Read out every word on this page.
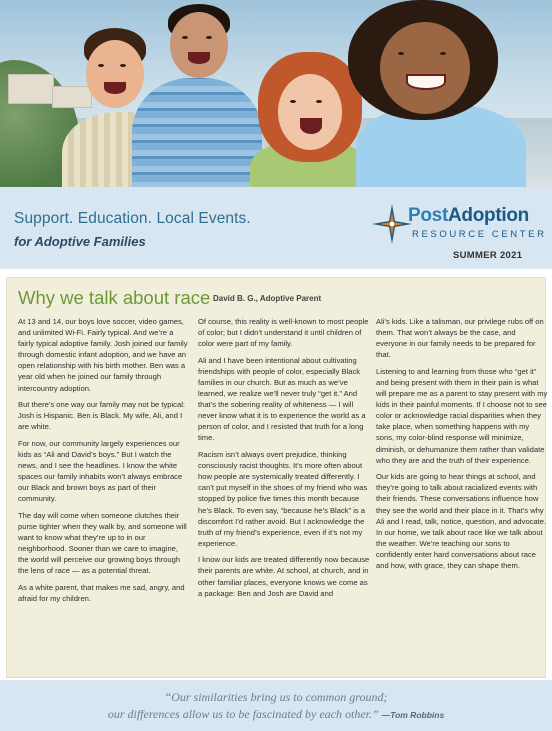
Support. Education. Local Events.
for Adoptive Families
PostAdoption
RESOURCE CENTER
SUMMER 2021
Why we talk about race David B. G., Adoptive Parent

At 13 and 14, our boys love soccer, video games, and unlimited Wi-Fi. Fairly typical. And we’re a fairly typical adoptive family. Josh joined our family through domestic infant adoption, and we have an open relationship with his birth mother. Ben was a year old when he joined our family through intercountry adoption.

But there’s one way our family may not be typical: Josh is Hispanic. Ben is Black. My wife, Ali, and I are white.

For now, our community largely experiences our kids as “Ali and David’s boys.” But I watch the news, and I see the headlines. I know the white spaces our family inhabits won’t always embrace our Black and brown boys as part of their community.

The day will come when someone clutches their purse tighter when they walk by, and someone will want to know what they’re up to in our neighborhood. Sooner than we care to imagine, the world will perceive our growing boys through the lens of race — as a potential threat.

As a white parent, that makes me sad, angry, and afraid for my children.

Of course, this reality is well-known to most people of color; but I didn’t understand it until children of color were part of my family.

Ali and I have been intentional about cultivating friendships with people of color, especially Black families in our church. But as much as we’ve learned, we realize we’ll never truly “get it.” And that’s the sobering reality of whiteness — I will never know what it is to experience the world as a person of color, and I resisted that truth for a long time.

Racism isn’t always overt prejudice, thinking consciously racist thoughts. It’s more often about how people are systemically treated differently. I can’t put myself in the shoes of my friend who was stopped by police five times this month because he’s Black. To even say, “because he’s Black” is a discomfort I’d rather avoid. But I acknowledge the truth of my friend’s experience, even if it’s not my experience.

I know our kids are treated differently now because their parents are white. At school, at church, and in other familiar places, everyone knows we come as a package: Ben and Josh are David and

Ali’s kids. Like a talisman, our privilege rubs off on them. That won’t always be the case, and everyone in our family needs to be prepared for that.

Listening to and learning from those who “get it” and being present with them in their pain is what will prepare me as a parent to stay present with my kids in their painful moments. If I choose not to see color or acknowledge racial disparities when they take place, when something happens with my sons, my color-blind response will minimize, diminish, or dehumanize them rather than validate who they are and the truth of their experience.

Our kids are going to hear things at school, and they’re going to talk about racialized events with their friends. These conversations influence how they see the world and their place in it. That’s why Ali and I read, talk, notice, question, and advocate. In our home, we talk about race like we talk about the weather. We’re teaching our sons to confidently enter hard conversations about race and how, with grace, they can shape them.

“Our similarities bring us to common ground;
our differences allow us to be fascinated by each other.” —Tom Robbins
